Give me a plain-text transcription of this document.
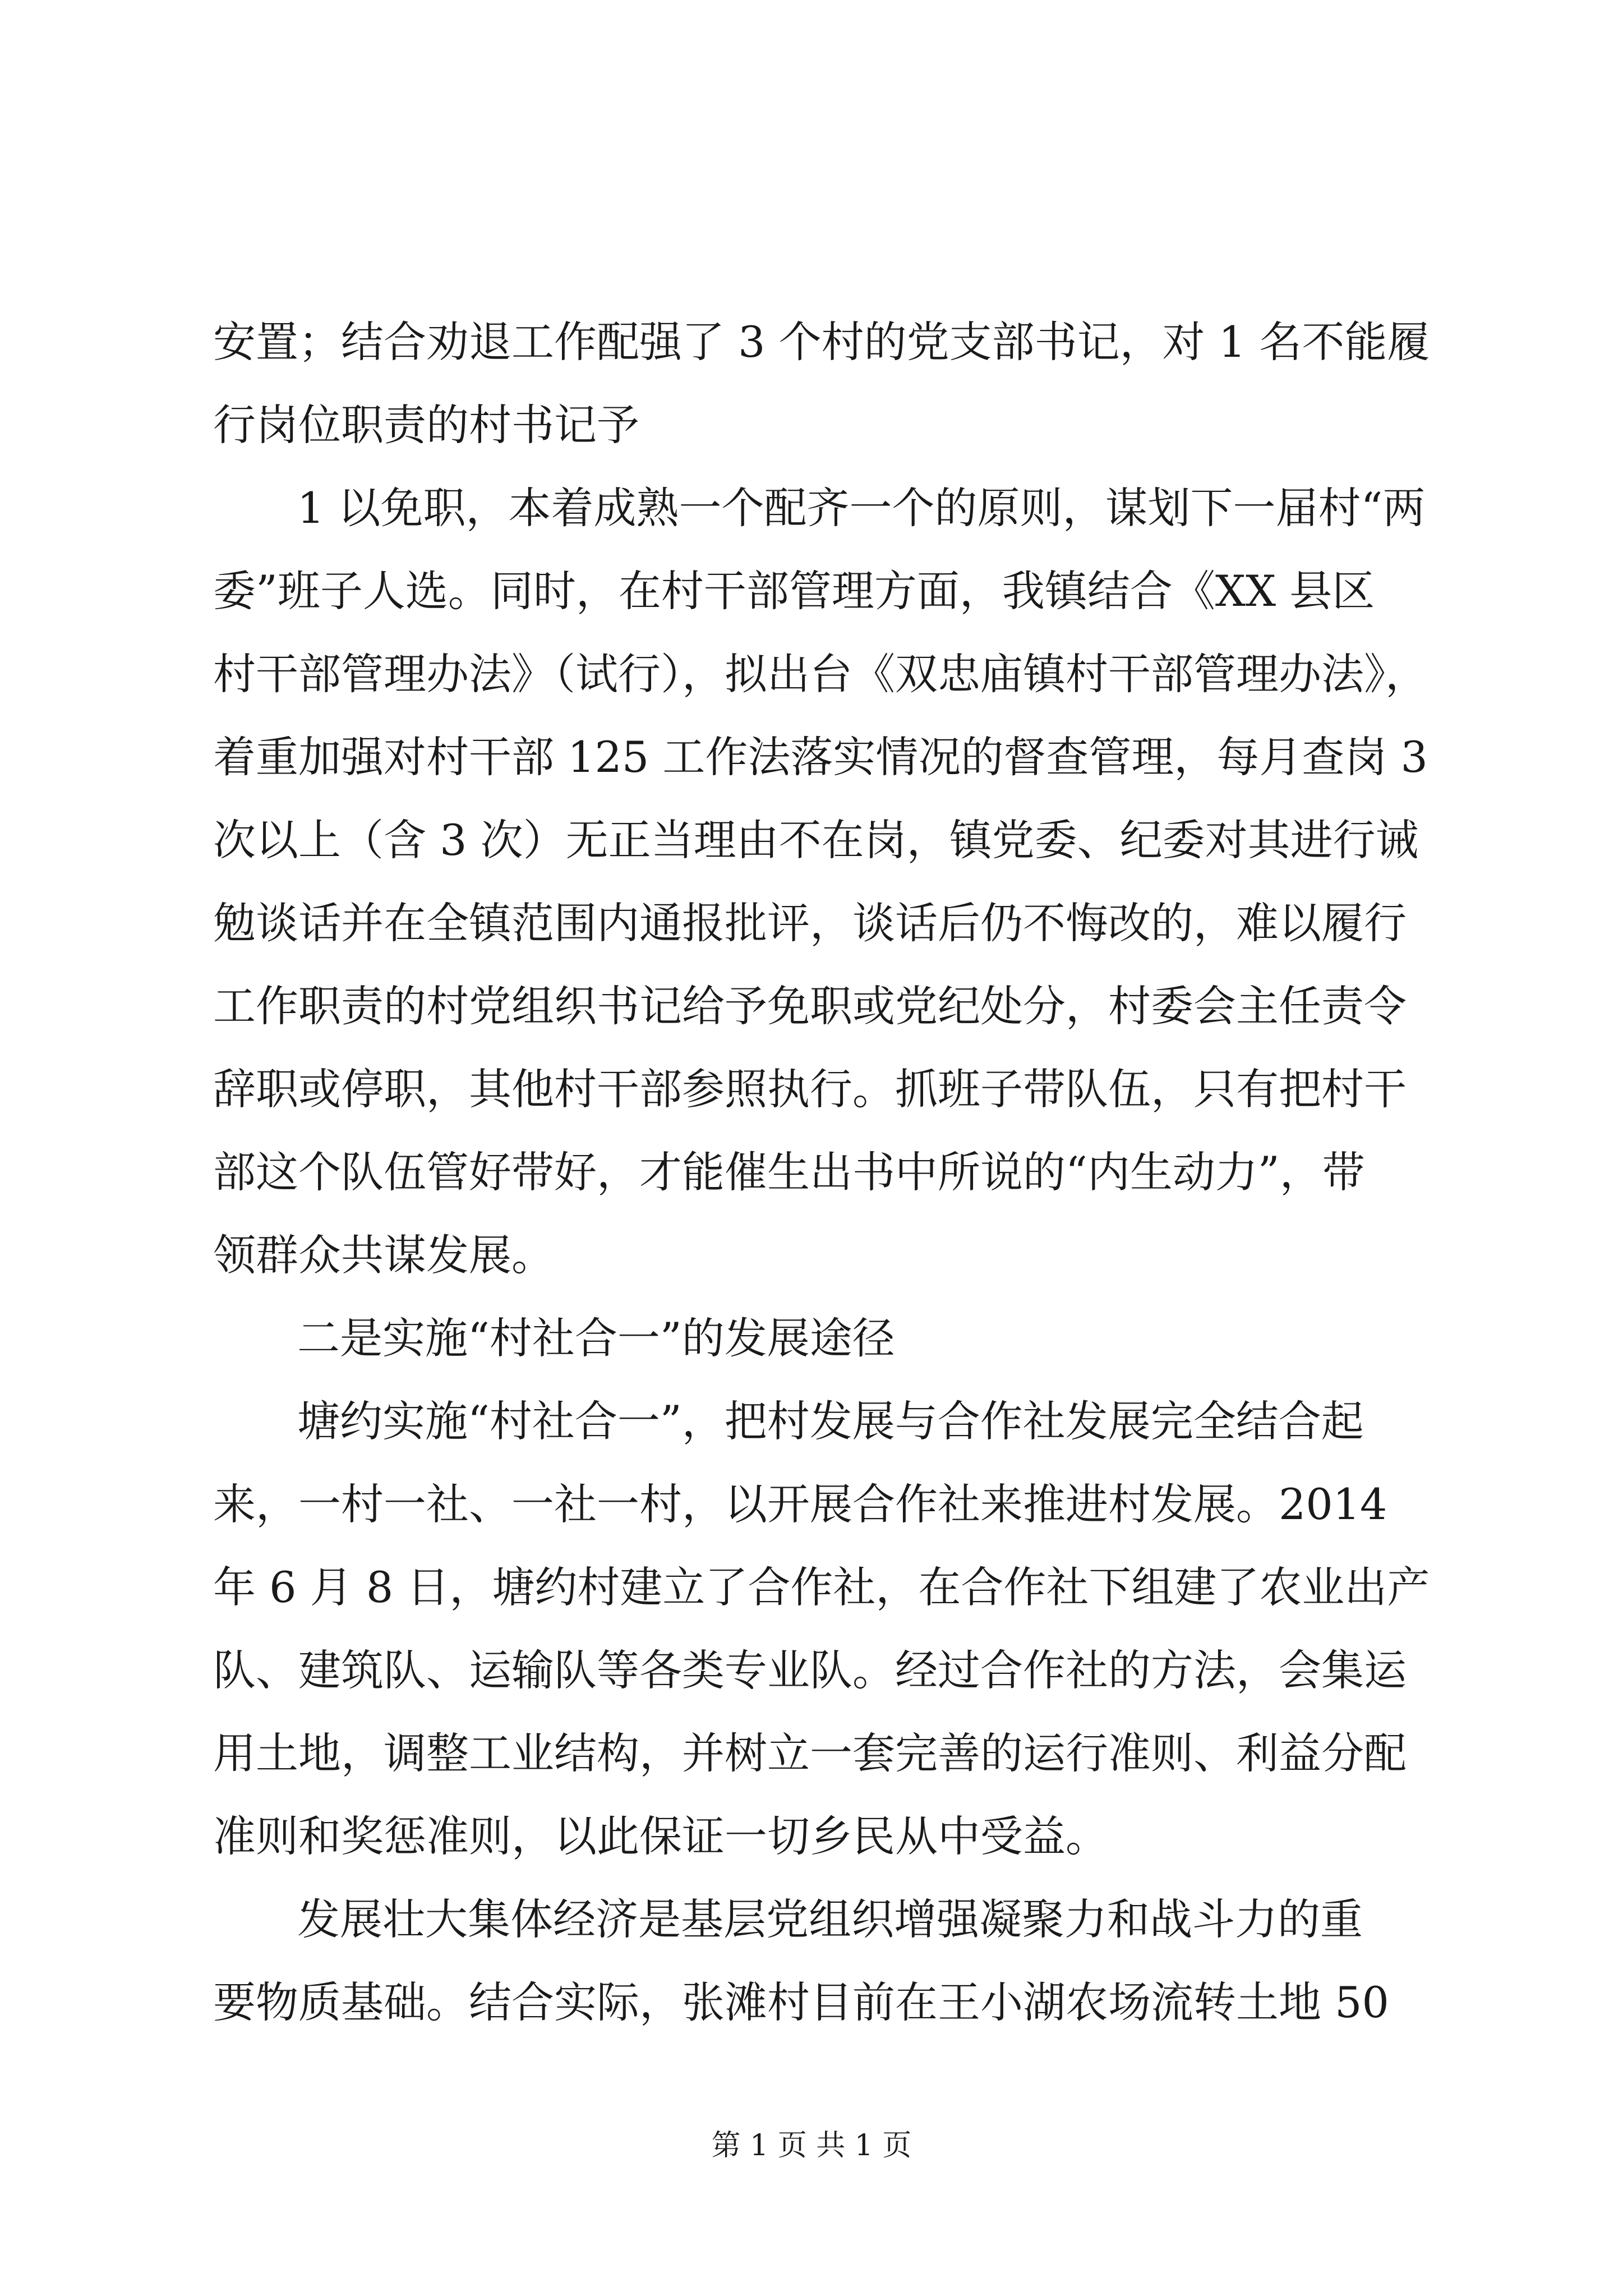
安置；结合劝退工作配强了 3 个村的党支部书记，对 1 名不能履
行岗位职责的村书记予
1 以免职，本着成熟一个配齐一个的原则，谋划下一届村“两
委”班子人选。同时，在村干部管理方面，我镇结合《XX 县区
村干部管理办法》（试行），拟出台《双忠庙镇村干部管理办法》，
着重加强对村干部 125 工作法落实情况的督查管理，每月查岗 3
次以上（含 3 次）无正当理由不在岗，镇党委、纪委对其进行诫
勉谈话并在全镇范围内通报批评，谈话后仍不悔改的，难以履行
工作职责的村党组织书记给予免职或党纪处分，村委会主任责令
辞职或停职，其他村干部参照执行。抓班子带队伍，只有把村干
部这个队伍管好带好，才能催生出书中所说的“内生动力”，带
领群众共谋发展。
二是实施“村社合一”的发展途径
塘约实施“村社合一”，把村发展与合作社发展完全结合起
来，一村一社、一社一村，以开展合作社来推进村发展。2014
年 6 月 8 日，塘约村建立了合作社，在合作社下组建了农业出产
队、建筑队、运输队等各类专业队。经过合作社的方法，会集运
用土地，调整工业结构，并树立一套完善的运行准则、利益分配
准则和奖惩准则，以此保证一切乡民从中受益。
发展壮大集体经济是基层党组织增强凝聚力和战斗力的重
要物质基础。结合实际，张滩村目前在王小湖农场流转土地 50
第 1 页 共 1 页
